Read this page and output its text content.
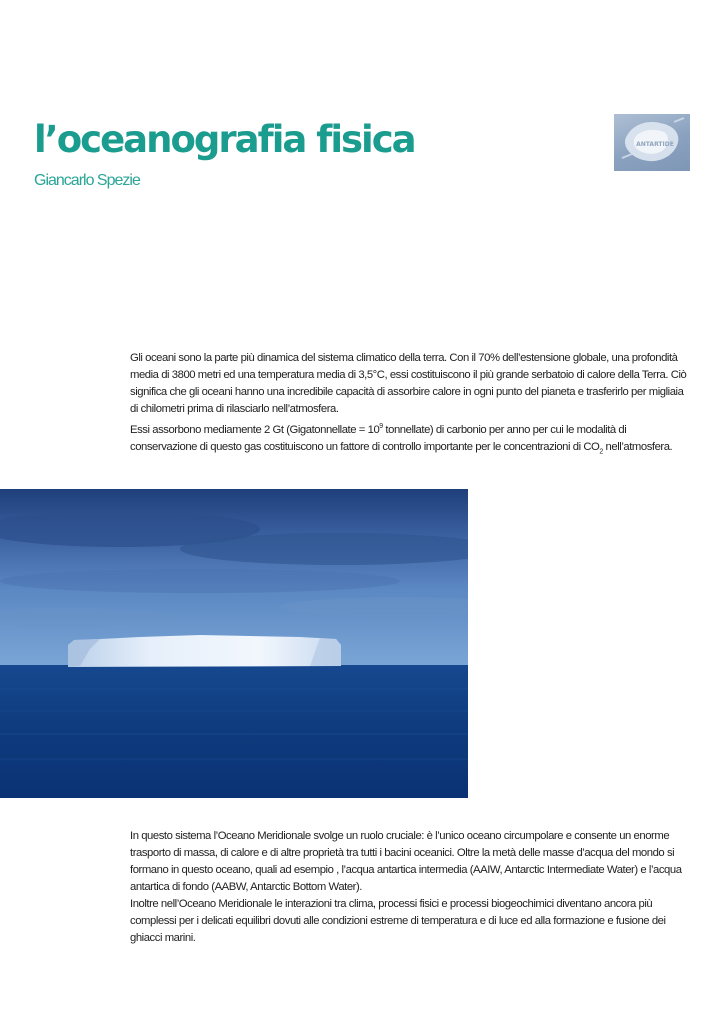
l’oceanografia fisica
Giancarlo Spezie
ANTARTIDE

Gli oceani sono la parte più dinamica del sistema climatico della terra. Con il 70% dell’estensione globale, una profondità media di 3800 metri ed una temperatura media di 3,5°C, essi costituiscono il più grande serbatoio di calore della Terra. Ciò significa che gli oceani hanno una incredibile capacità di assorbire calore in ogni punto del pianeta e trasferirlo per migliaia di chilometri prima di rilasciarlo nell’atmosfera.

Essi assorbono mediamente 2 Gt (Gigatonnellate = $10^9$ tonnellate) di carbonio per anno per cui le modalità di conservazione di questo gas costituiscono un fattore di controllo importante per le concentrazioni di $CO_2$ nell’atmosfera.

In questo sistema l’Oceano Meridionale svolge un ruolo cruciale: è l’unico oceano circumpolare e consente un enorme trasporto di massa, di calore e di altre proprietà tra tutti i bacini oceanici. Oltre la metà delle masse d’acqua del mondo si formano in questo oceano, quali ad esempio , l’acqua antartica intermedia (AAIW, Antarctic Intermediate Water) e l’acqua antartica di fondo (AABW, Antarctic Bottom Water).

Inoltre nell’Oceano Meridionale le interazioni tra clima, processi fisici e processi biogeochimici diventano ancora più complessi per i delicati equilibri dovuti alle condizioni estreme di temperatura e di luce ed alla formazione e fusione dei ghiacci marini.
